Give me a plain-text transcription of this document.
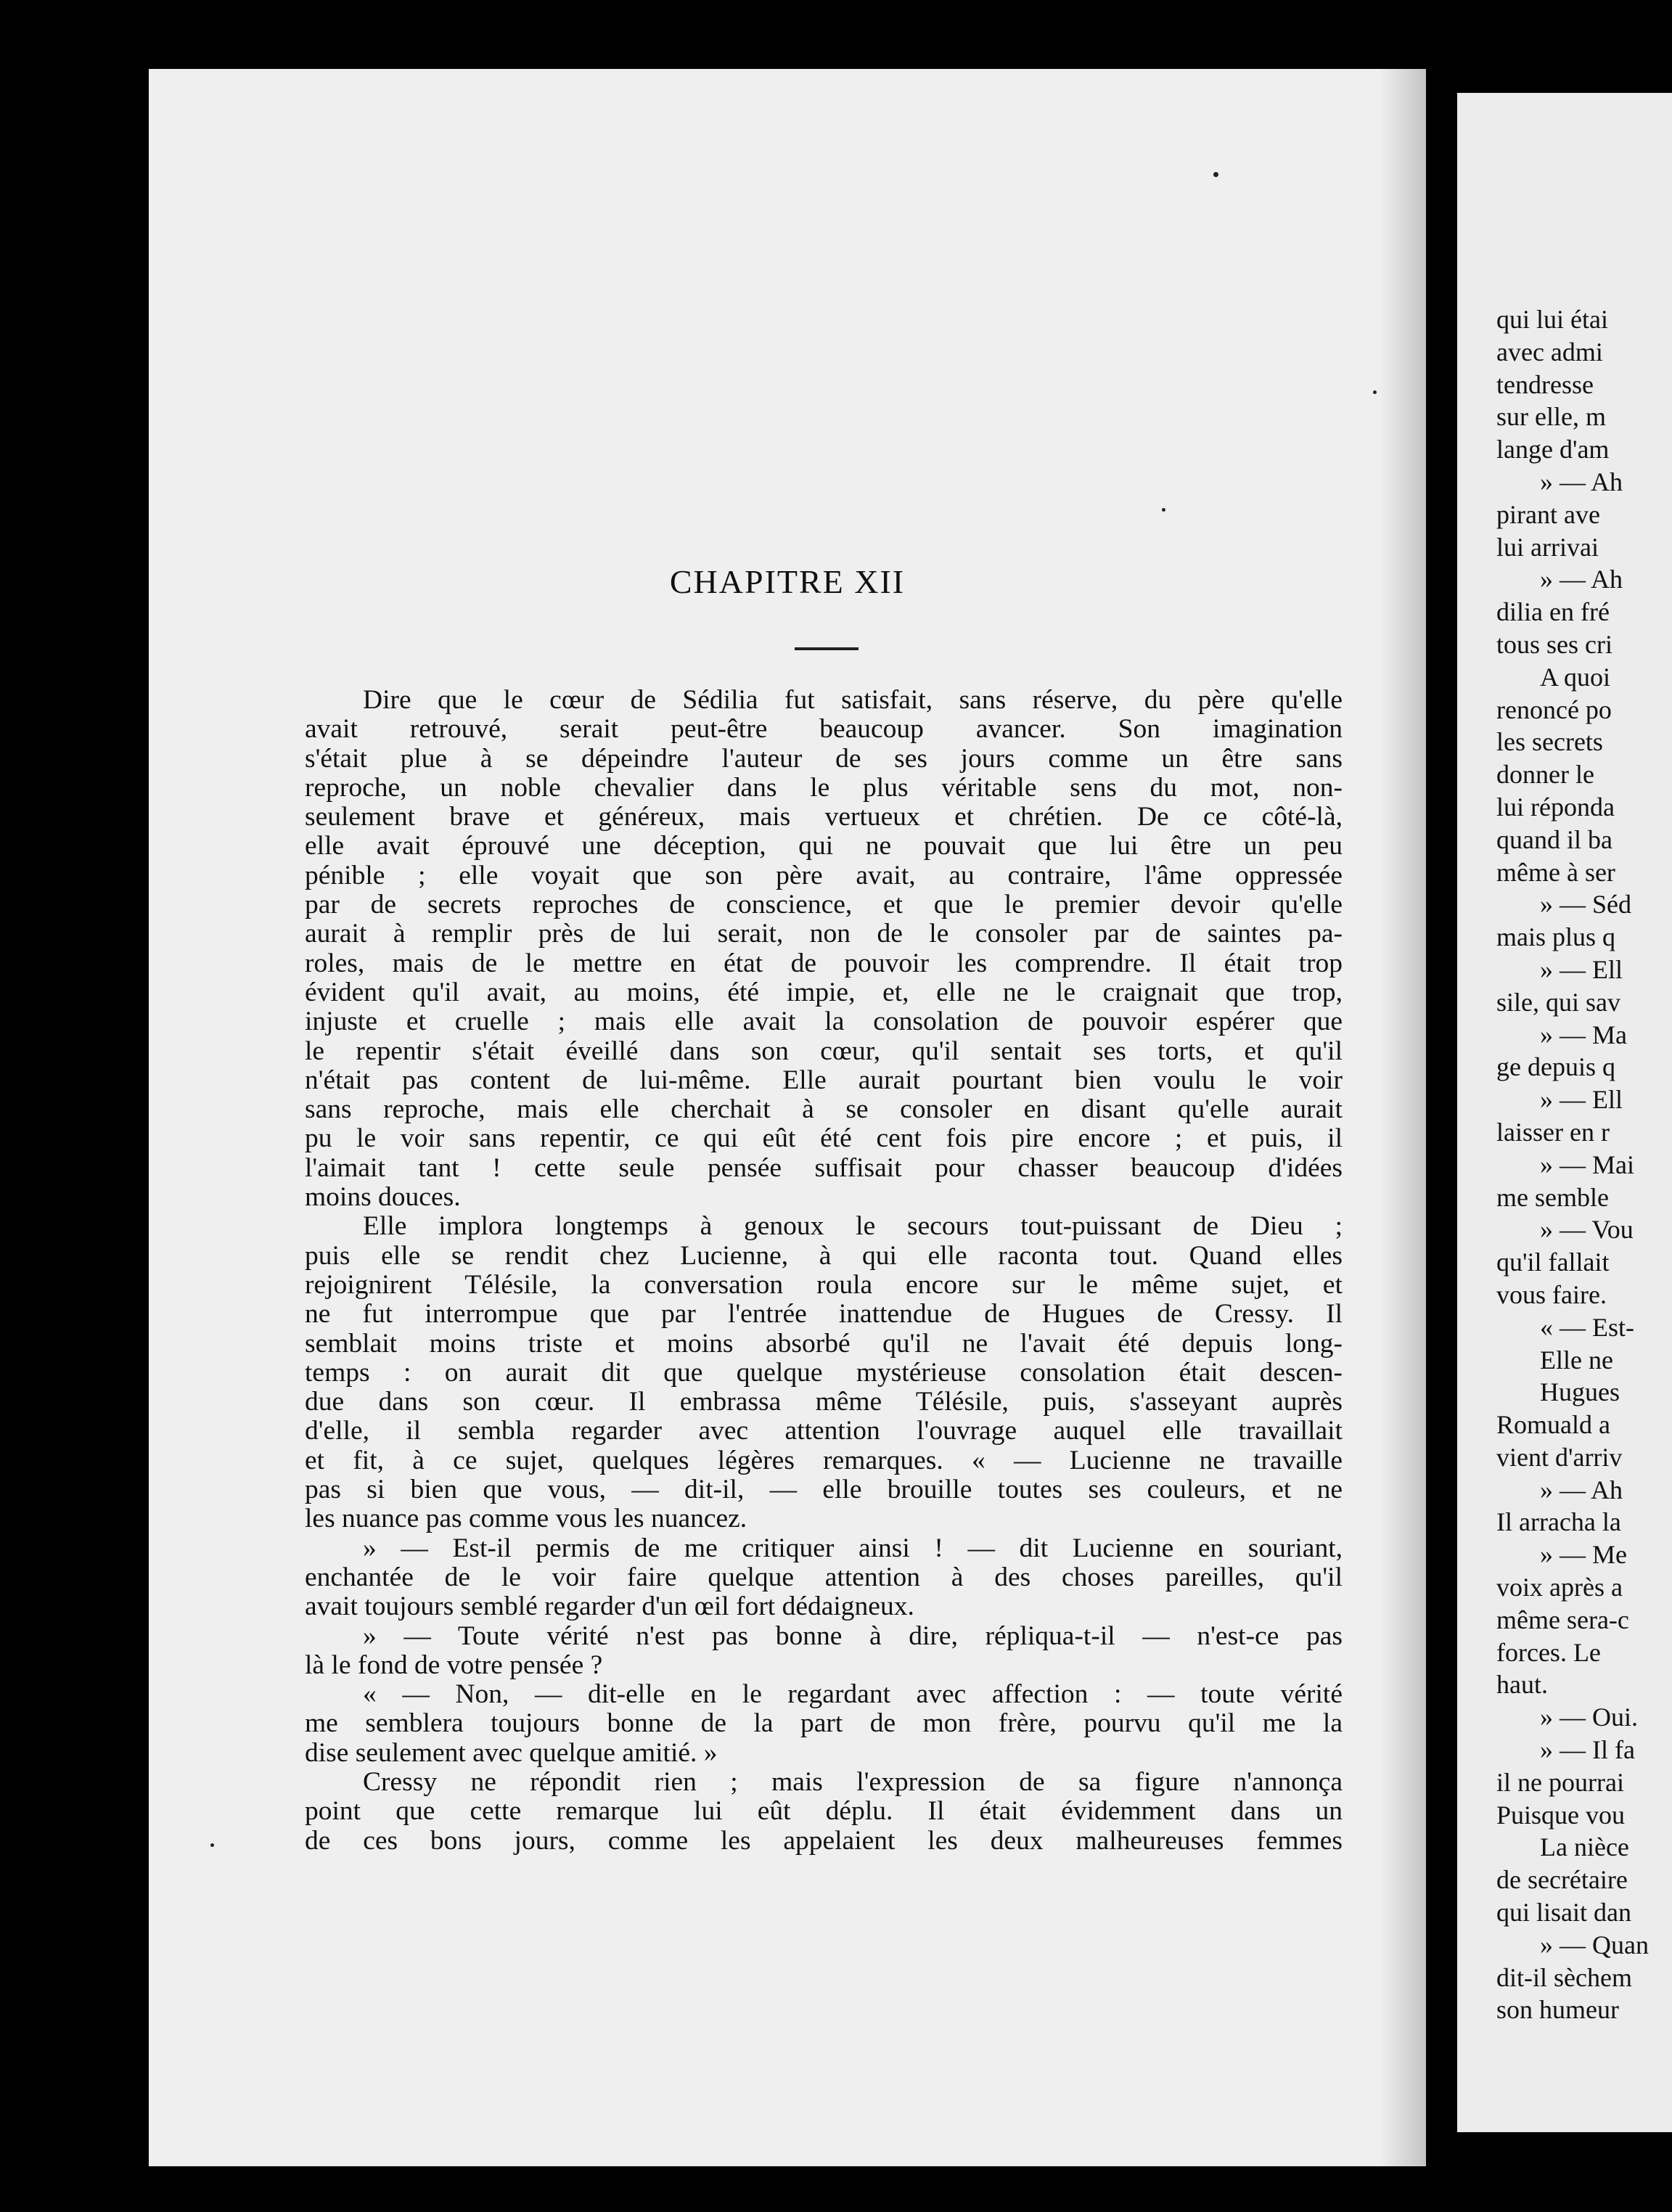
CHAPITRE XII
Dire que le cœur de Sédilia fut satisfait, sans réserve, du père qu'elle
avait retrouvé, serait peut-être beaucoup avancer. Son imagination
s'était plue à se dépeindre l'auteur de ses jours comme un être sans
reproche, un noble chevalier dans le plus véritable sens du mot, non-
seulement brave et généreux, mais vertueux et chrétien. De ce côté-là,
elle avait éprouvé une déception, qui ne pouvait que lui être un peu
pénible ; elle voyait que son père avait, au contraire, l'âme oppressée
par de secrets reproches de conscience, et que le premier devoir qu'elle
aurait à remplir près de lui serait, non de le consoler par de saintes pa-
roles, mais de le mettre en état de pouvoir les comprendre. Il était trop
évident qu'il avait, au moins, été impie, et, elle ne le craignait que trop,
injuste et cruelle ; mais elle avait la consolation de pouvoir espérer que
le repentir s'était éveillé dans son cœur, qu'il sentait ses torts, et qu'il
n'était pas content de lui-même. Elle aurait pourtant bien voulu le voir
sans reproche, mais elle cherchait à se consoler en disant qu'elle aurait
pu le voir sans repentir, ce qui eût été cent fois pire encore ; et puis, il
l'aimait tant ! cette seule pensée suffisait pour chasser beaucoup d'idées
moins douces.
Elle implora longtemps à genoux le secours tout-puissant de Dieu ;
puis elle se rendit chez Lucienne, à qui elle raconta tout. Quand elles
rejoignirent Télésile, la conversation roula encore sur le même sujet, et
ne fut interrompue que par l'entrée inattendue de Hugues de Cressy. Il
semblait moins triste et moins absorbé qu'il ne l'avait été depuis long-
temps : on aurait dit que quelque mystérieuse consolation était descen-
due dans son cœur. Il embrassa même Télésile, puis, s'asseyant auprès
d'elle, il sembla regarder avec attention l'ouvrage auquel elle travaillait
et fit, à ce sujet, quelques légères remarques. « — Lucienne ne travaille
pas si bien que vous, — dit-il, — elle brouille toutes ses couleurs, et ne
les nuance pas comme vous les nuancez.
» — Est-il permis de me critiquer ainsi ! — dit Lucienne en souriant,
enchantée de le voir faire quelque attention à des choses pareilles, qu'il
avait toujours semblé regarder d'un œil fort dédaigneux.
» — Toute vérité n'est pas bonne à dire, répliqua-t-il — n'est-ce pas
là le fond de votre pensée ?
« — Non, — dit-elle en le regardant avec affection : — toute vérité
me semblera toujours bonne de la part de mon frère, pourvu qu'il me la
dise seulement avec quelque amitié. »
Cressy ne répondit rien ; mais l'expression de sa figure n'annonça
point que cette remarque lui eût déplu. Il était évidemment dans un
de ces bons jours, comme les appelaient les deux malheureuses femmes
qui lui étai
avec admi
tendresse
sur elle, m
lange d'am
» — Ah
pirant ave
lui arrivai
» — Ah
dilia en fré
tous ses cri
A quoi
renoncé po
les secrets
donner le
lui réponda
quand il ba
même à ser
» — Séd
mais plus q
» — Ell
sile, qui sav
» — Ma
ge depuis q
» — Ell
laisser en r
» — Mai
me semble
» — Vou
qu'il fallait
vous faire.
« — Est-
Elle ne
Hugues
Romuald a
vient d'arriv
» — Ah
Il arracha la
» — Me
voix après a
même sera-c
forces. Le
haut.
» — Oui.
» — Il fa
il ne pourrai
Puisque vou
La nièce
de secrétaire
qui lisait dan
» — Quan
dit-il sèchem
son humeur
